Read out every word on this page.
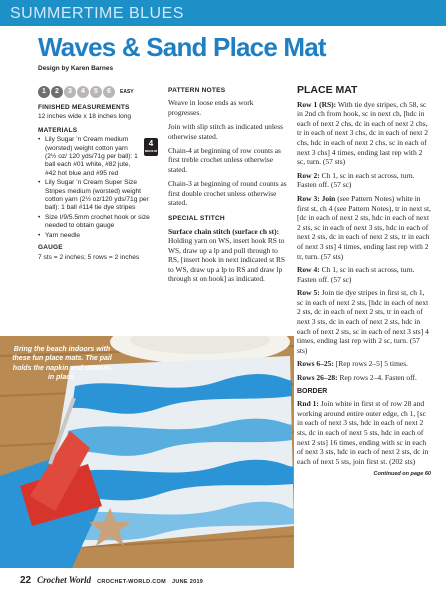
SUMMERTIME BLUES
Waves & Sand Place Mat
Design by Karen Barnes
1	2	3	4	5	6	EASY
FINISHED MEASUREMENTS
12 inches wide x 18 inches long
MATERIALS
• Lily Sugar ’n Cream medium (worsted) weight cotton yarn (2½ oz/ 120 yds/71g per ball): 1 ball each #01 white, #82 jute, #42 hot blue and #95 red
4
MEDIUM
• Lily Sugar ’n Cream Super Size Stripes medium (worsted) weight cotton yarn (2½ oz/120 yds/71g per ball): 1 ball #114 tie dye stripes
• Size I/9/5.5mm crochet hook or size needed to obtain gauge
• Yarn needle
GAUGE
7 sts = 2 inches; 5 rows = 2 inches
PATTERN NOTES

Weave in loose ends as work progresses.

Join with slip stitch as indicated unless otherwise stated.

Chain-4 at beginning of row counts as first treble crochet unless otherwise stated.

Chain-3 at beginning of round counts as first double crochet unless otherwise stated.

SPECIAL STITCH

Surface chain stitch (surface ch st): Holding yarn on WS, insert hook RS to WS, draw up a lp and pull through to RS, [insert hook in next indicated st RS to WS, draw up a lp to RS and draw lp through st on hook] as indicated.

PLACE MAT

Row 1 (RS): With tie dye stripes, ch 58, sc in 2nd ch from hook, sc in next ch, [hdc in each of next 2 chs, dc in each of next 2 chs, tr in each of next 3 chs, dc in each of next 2 chs, hdc in each of next 2 chs, sc in each of next 3 chs] 4 times, ending last rep with 2 sc, turn. (57 sts)

Row 2: Ch 1, sc in each st across, turn. Fasten off. (57 sc)

Row 3: Join (see Pattern Notes) white in first st, ch 4 (see Pattern Notes), tr in next st, [dc in each of next 2 sts, hdc in each of next 2 sts, sc in each of next 3 sts, hdc in each of next 2 sts, dc in each of next 2 sts, tr in each of next 3 sts] 4 times, ending last rep with 2 tr, turn. (57 sts)

Row 4: Ch 1, sc in each st across, turn. Fasten off. (57 sc)

Row 5: Join tie dye stripes in first st, ch 1, sc in each of next 2 sts, [hdc in each of next 2 sts, dc in each of next 2 sts, tr in each of next 3 sts, dc in each of next 2 sts, hdc in each of next 2 sts, sc in each of next 3 sts] 4 times, ending last rep with 2 sc, turn. (57 sts)

Rows 6–25: [Rep rows 2–5] 5 times.

Rows 26–28: Rep rows 2–4. Fasten off.

BORDER

Rnd 1: Join white in first st of row 28 and working around entire outer edge, ch 1, [sc in each of next 3 sts, hdc in each of next 2 sts, dc in each of next 5 sts, hdc in each of next 2 sts] 16 times, ending with sc in each of next 3 sts, hdc in each of next 2 sts, dc in each of next 5 sts, join first st. (202 sts)

Continued on page 60
Bring the beach indoors with these fun place mats. The pail holds the napkin and utensils in place.
22 Crochet World CROCHET-WORLD.COM JUNE 2019
